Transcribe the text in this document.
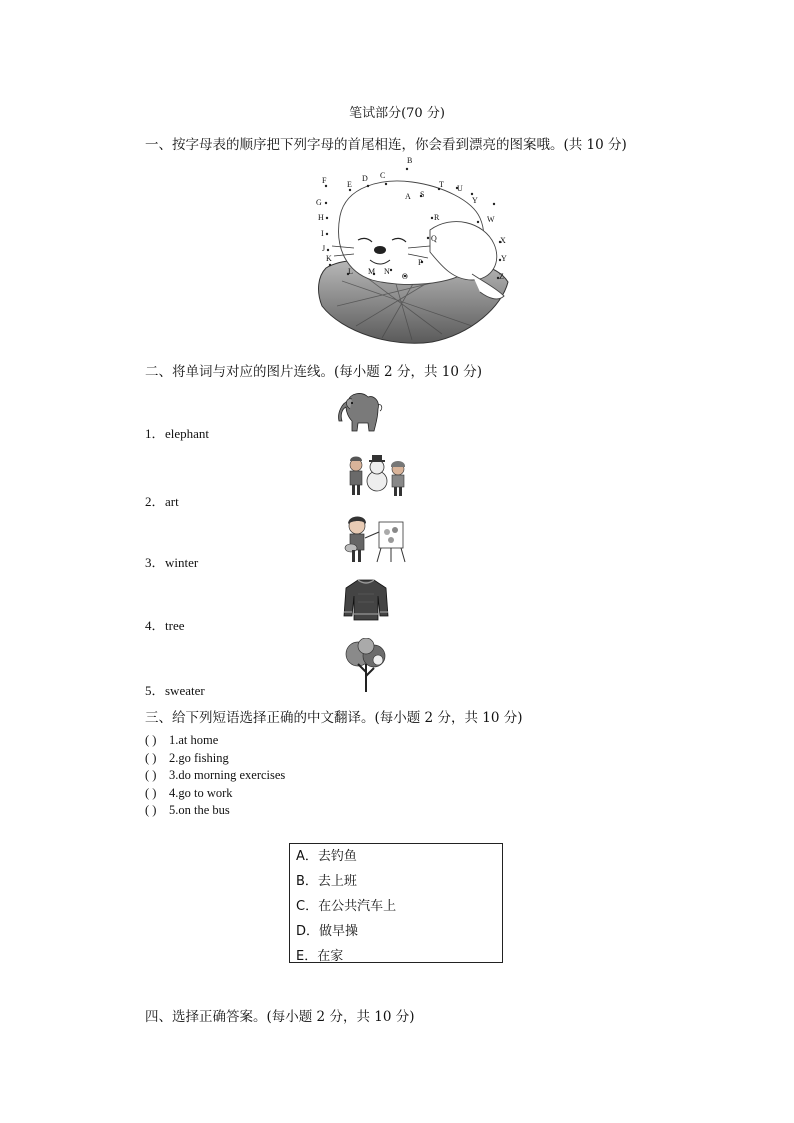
笔试部分(70 分)
一、按字母表的顺序把下列字母的首尾相连，你会看到漂亮的图案哦。(共 10 分)
B
C
D
E
F
G
H
I
J
K
L M N
O
P
Q
R
S
A
T U
Y
W
X
Y
Z
二、将单词与对应的图片连线。(每小题 2 分，共 10 分)
1．elephant
2．art
3．winter
4．tree
5．sweater
三、给下列短语选择正确的中文翻译。(每小题 2 分，共 10 分)
( ) 1.at home
( ) 2.go fishing
( ) 3.do morning exercises
( ) 4.go to work
( ) 5.on the bus
A．去钓鱼
B．去上班
C．在公共汽车上
D．做早操
E．在家
四、选择正确答案。(每小题 2 分，共 10 分)
